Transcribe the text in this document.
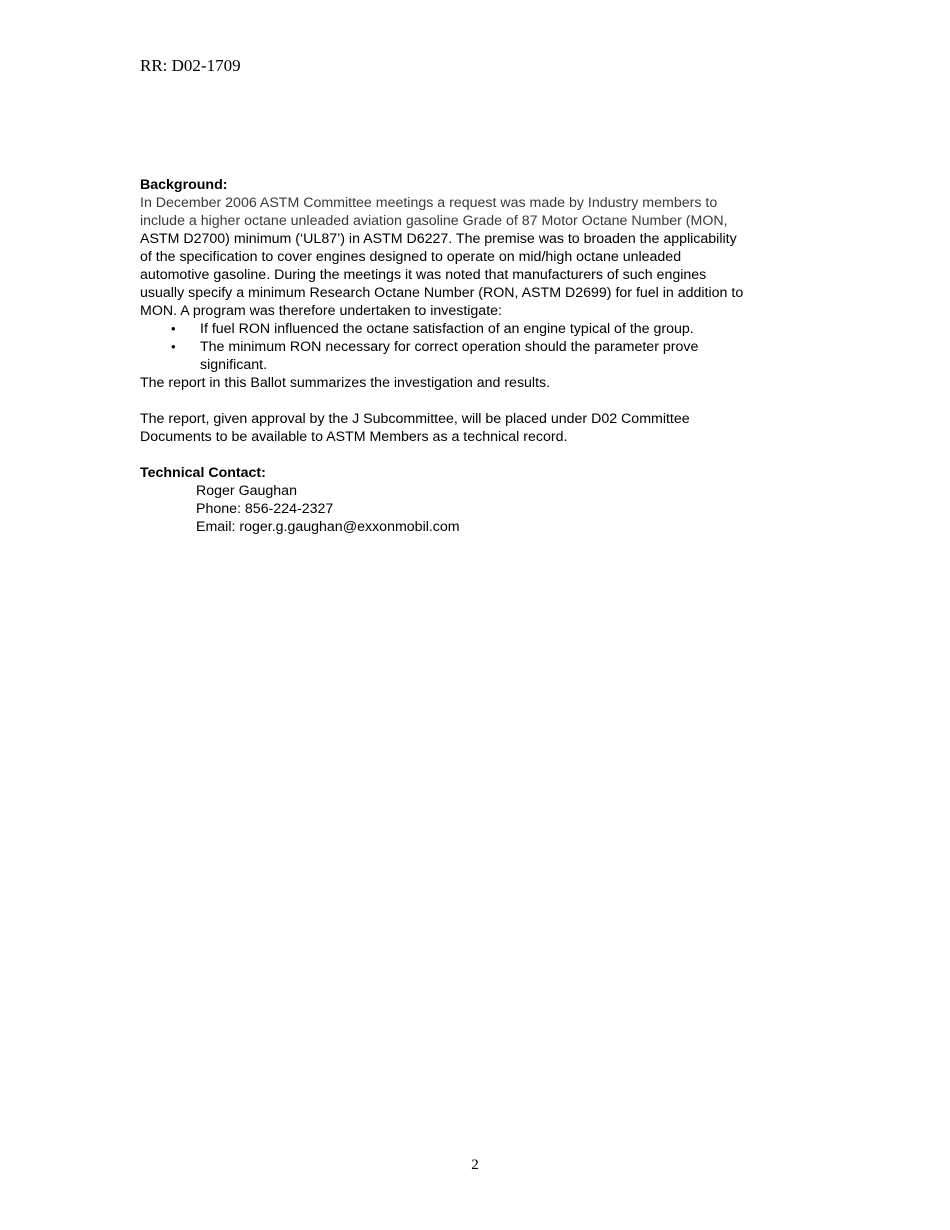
RR: D02-1709
Background:
In December 2006 ASTM Committee meetings a request was made by Industry members to
include a higher octane unleaded aviation gasoline Grade of 87 Motor Octane Number (MON,
ASTM D2700) minimum (‘UL87’) in ASTM D6227. The premise was to broaden the applicability
of the specification to cover engines designed to operate on mid/high octane unleaded
automotive gasoline. During the meetings it was noted that manufacturers of such engines
usually specify a minimum Research Octane Number (RON, ASTM D2699) for fuel in addition to
MON. A program was therefore undertaken to investigate:
• If fuel RON influenced the octane satisfaction of an engine typical of the group.
• The minimum RON necessary for correct operation should the parameter prove
significant.
The report in this Ballot summarizes the investigation and results.
The report, given approval by the J Subcommittee, will be placed under D02 Committee
Documents to be available to ASTM Members as a technical record.
Technical Contact:
Roger Gaughan
Phone: 856-224-2327
Email: roger.g.gaughan@exxonmobil.com
2
